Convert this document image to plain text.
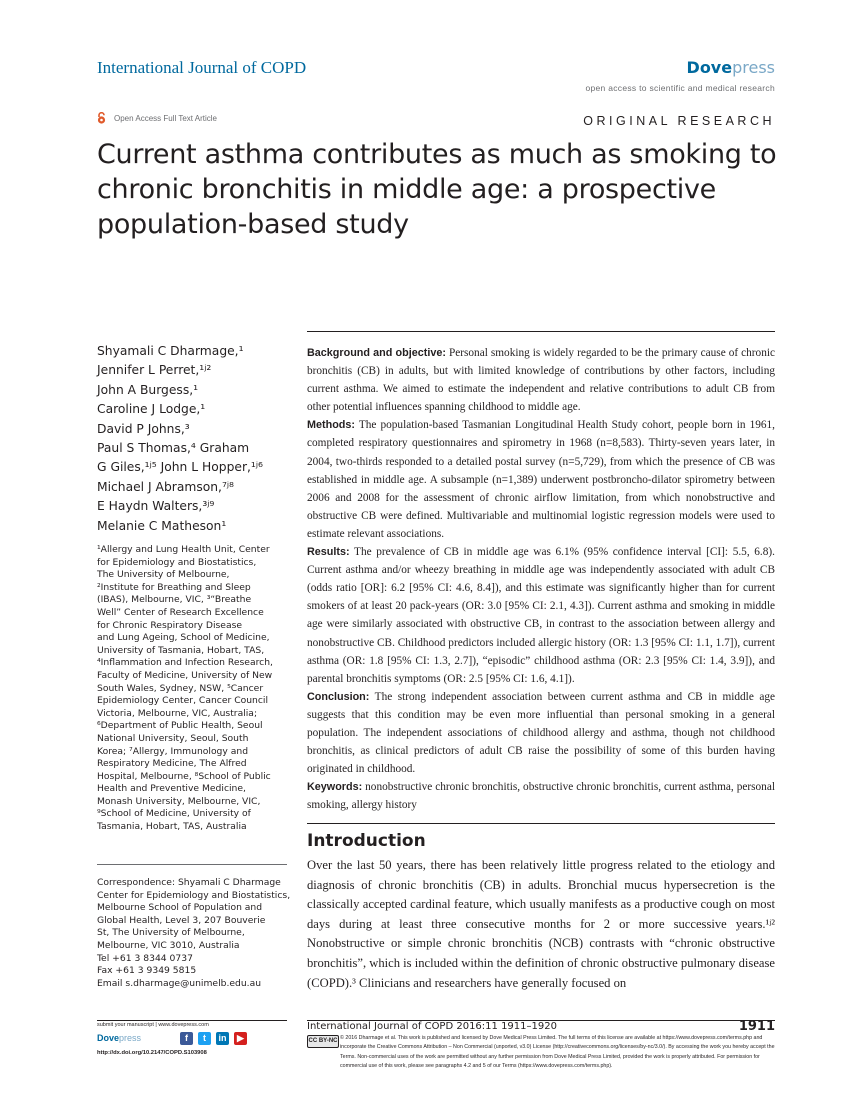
International Journal of COPD	Dovepress
open access to scientific and medical research
Open Access Full Text Article	ORIGINAL RESEARCH
Current asthma contributes as much as smoking to chronic bronchitis in middle age: a prospective population-based study
Shyamali C Dharmage,¹
Jennifer L Perret,¹ʲ²
John A Burgess,¹
Caroline J Lodge,¹
David P Johns,³
Paul S Thomas,⁴ Graham
G Giles,¹ʲ⁵ John L Hopper,¹ʲ⁶
Michael J Abramson,⁷ʲ⁸
E Haydn Walters,³ʲ⁹
Melanie C Matheson¹
¹Allergy and Lung Health Unit, Center
for Epidemiology and Biostatistics,
The University of Melbourne,
²Institute for Breathing and Sleep
(IBAS), Melbourne, VIC, ³“Breathe
Well” Center of Research Excellence
for Chronic Respiratory Disease
and Lung Ageing, School of Medicine,
University of Tasmania, Hobart, TAS,
⁴Inflammation and Infection Research,
Faculty of Medicine, University of New
South Wales, Sydney, NSW, ⁵Cancer
Epidemiology Center, Cancer Council
Victoria, Melbourne, VIC, Australia;
⁶Department of Public Health, Seoul
National University, Seoul, South
Korea; ⁷Allergy, Immunology and
Respiratory Medicine, The Alfred
Hospital, Melbourne, ⁸School of Public
Health and Preventive Medicine,
Monash University, Melbourne, VIC,
⁹School of Medicine, University of
Tasmania, Hobart, TAS, Australia
Correspondence: Shyamali C Dharmage
Center for Epidemiology and Biostatistics,
Melbourne School of Population and
Global Health, Level 3, 207 Bouverie
St, The University of Melbourne,
Melbourne, VIC 3010, Australia
Tel +61 3 8344 0737
Fax +61 3 9349 5815
Email s.dharmage@unimelb.edu.au

Background and objective: Personal smoking is widely regarded to be the primary cause of chronic bronchitis (CB) in adults, but with limited knowledge of contributions by other factors, including current asthma. We aimed to estimate the independent and relative contributions to adult CB from other potential influences spanning childhood to middle age.

Methods: The population-based Tasmanian Longitudinal Health Study cohort, people born in 1961, completed respiratory questionnaires and spirometry in 1968 (n=8,583). Thirty-seven years later, in 2004, two-thirds responded to a detailed postal survey (n=5,729), from which the presence of CB was established in middle age. A subsample (n=1,389) underwent postbroncho-dilator spirometry between 2006 and 2008 for the assessment of chronic airflow limitation, from which nonobstructive and obstructive CB were defined. Multivariable and multinomial logistic regression models were used to estimate relevant associations.

Results: The prevalence of CB in middle age was 6.1% (95% confidence interval [CI]: 5.5, 6.8). Current asthma and/or wheezy breathing in middle age was independently associated with adult CB (odds ratio [OR]: 6.2 [95% CI: 4.6, 8.4]), and this estimate was significantly higher than for current smokers of at least 20 pack-years (OR: 3.0 [95% CI: 2.1, 4.3]). Current asthma and smoking in middle age were similarly associated with obstructive CB, in contrast to the association between allergy and nonobstructive CB. Childhood predictors included allergic history (OR: 1.3 [95% CI: 1.1, 1.7]), current asthma (OR: 1.8 [95% CI: 1.3, 2.7]), “episodic” childhood asthma (OR: 2.3 [95% CI: 1.4, 3.9]), and parental bronchitis symptoms (OR: 2.5 [95% CI: 1.6, 4.1]).

Conclusion: The strong independent association between current asthma and CB in middle age suggests that this condition may be even more influential than personal smoking in a general population. The independent associations of childhood allergy and asthma, though not childhood bronchitis, as clinical predictors of adult CB raise the possibility of some of this burden having originated in childhood.

Keywords: nonobstructive chronic bronchitis, obstructive chronic bronchitis, current asthma, personal smoking, allergy history

Introduction

Over the last 50 years, there has been relatively little progress related to the etiology and diagnosis of chronic bronchitis (CB) in adults. Bronchial mucus hypersecretion is the classically accepted cardinal feature, which usually manifests as a productive cough on most days during at least three consecutive months for 2 or more successive years.¹ʲ² Nonobstructive or simple chronic bronchitis (NCB) contrasts with “chronic obstructive bronchitis”, which is included within the definition of chronic obstructive pulmonary disease (COPD).³ Clinicians and researchers have generally focused on

submit your manuscript | www.dovepress.com
Dovepress	f	t	in	▶
http://dx.doi.org/10.2147/COPD.S103908
International Journal of COPD 2016:11 1911–1920	1911
CC BY-NC © 2016 Dharmage et al. This work is published and licensed by Dove Medical Press Limited. The full terms of this license are available at https://www.dovepress.com/terms.php and incorporate the Creative Commons Attribution – Non Commercial (unported, v3.0) License (http://creativecommons.org/licenses/by-nc/3.0/). By accessing the work you hereby accept the Terms. Non-commercial uses of the work are permitted without any further permission from Dove Medical Press Limited, provided the work is properly attributed. For permission for commercial use of this work, please see paragraphs 4.2 and 5 of our Terms (https://www.dovepress.com/terms.php).
